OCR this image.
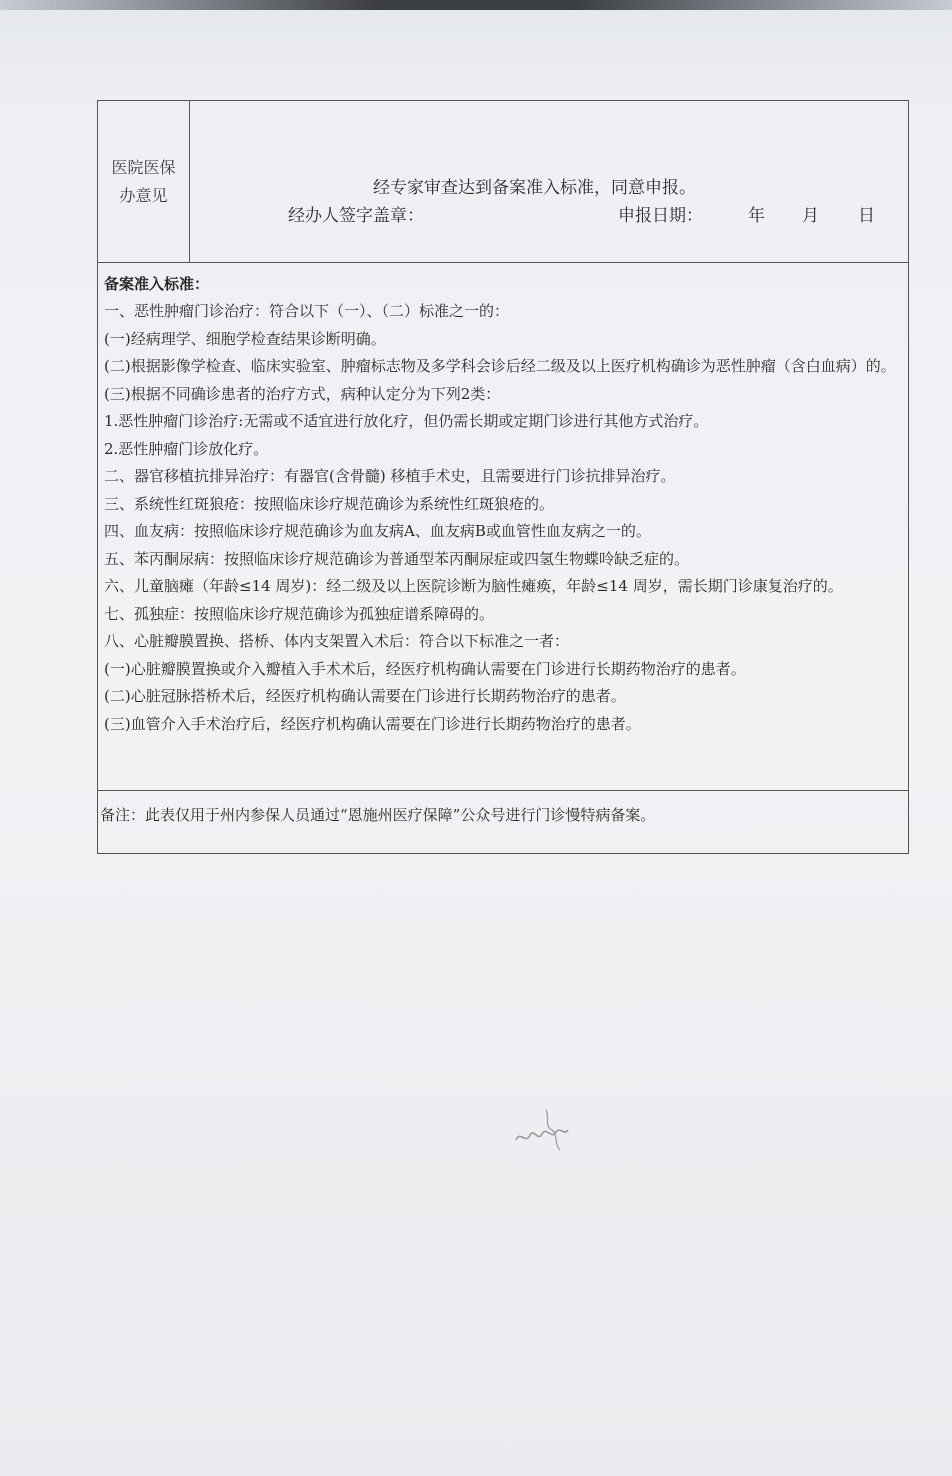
医院医保办意见	经专家审查达到备案准入标准，同意申报。
经办人签字盖章：	申报日期：	年 月 日
备案准入标准：
一、恶性肿瘤门诊治疗：符合以下（一）、（二）标准之一的：
(一)经病理学、细胞学检查结果诊断明确。
(二)根据影像学检查、临床实验室、肿瘤标志物及多学科会诊后经二级及以上医疗机构确诊为恶性肿瘤（含白血病）的。
(三)根据不同确诊患者的治疗方式，病种认定分为下列2类：
1.恶性肿瘤门诊治疗:无需或不适宜进行放化疗，但仍需长期或定期门诊进行其他方式治疗。
2.恶性肿瘤门诊放化疗。
二、器官移植抗排异治疗：有器官(含骨髓) 移植手术史，且需要进行门诊抗排异治疗。
三、系统性红斑狼疮：按照临床诊疗规范确诊为系统性红斑狼疮的。
四、血友病：按照临床诊疗规范确诊为血友病A、血友病B或血管性血友病之一的。
五、苯丙酮尿病：按照临床诊疗规范确诊为普通型苯丙酮尿症或四氢生物蝶呤缺乏症的。
六、儿童脑瘫（年龄≤14 周岁)：经二级及以上医院诊断为脑性瘫痪，年龄≤14 周岁，需长期门诊康复治疗的。
七、孤独症：按照临床诊疗规范确诊为孤独症谱系障碍的。
八、心脏瓣膜置换、搭桥、体内支架置入术后：符合以下标准之一者：
(一)心脏瓣膜置换或介入瓣植入手术术后，经医疗机构确认需要在门诊进行长期药物治疗的患者。
(二)心脏冠脉搭桥术后，经医疗机构确认需要在门诊进行长期药物治疗的患者。
(三)血管介入手术治疗后，经医疗机构确认需要在门诊进行长期药物治疗的患者。
备注：此表仅用于州内参保人员通过“恩施州医疗保障”公众号进行门诊慢特病备案。
